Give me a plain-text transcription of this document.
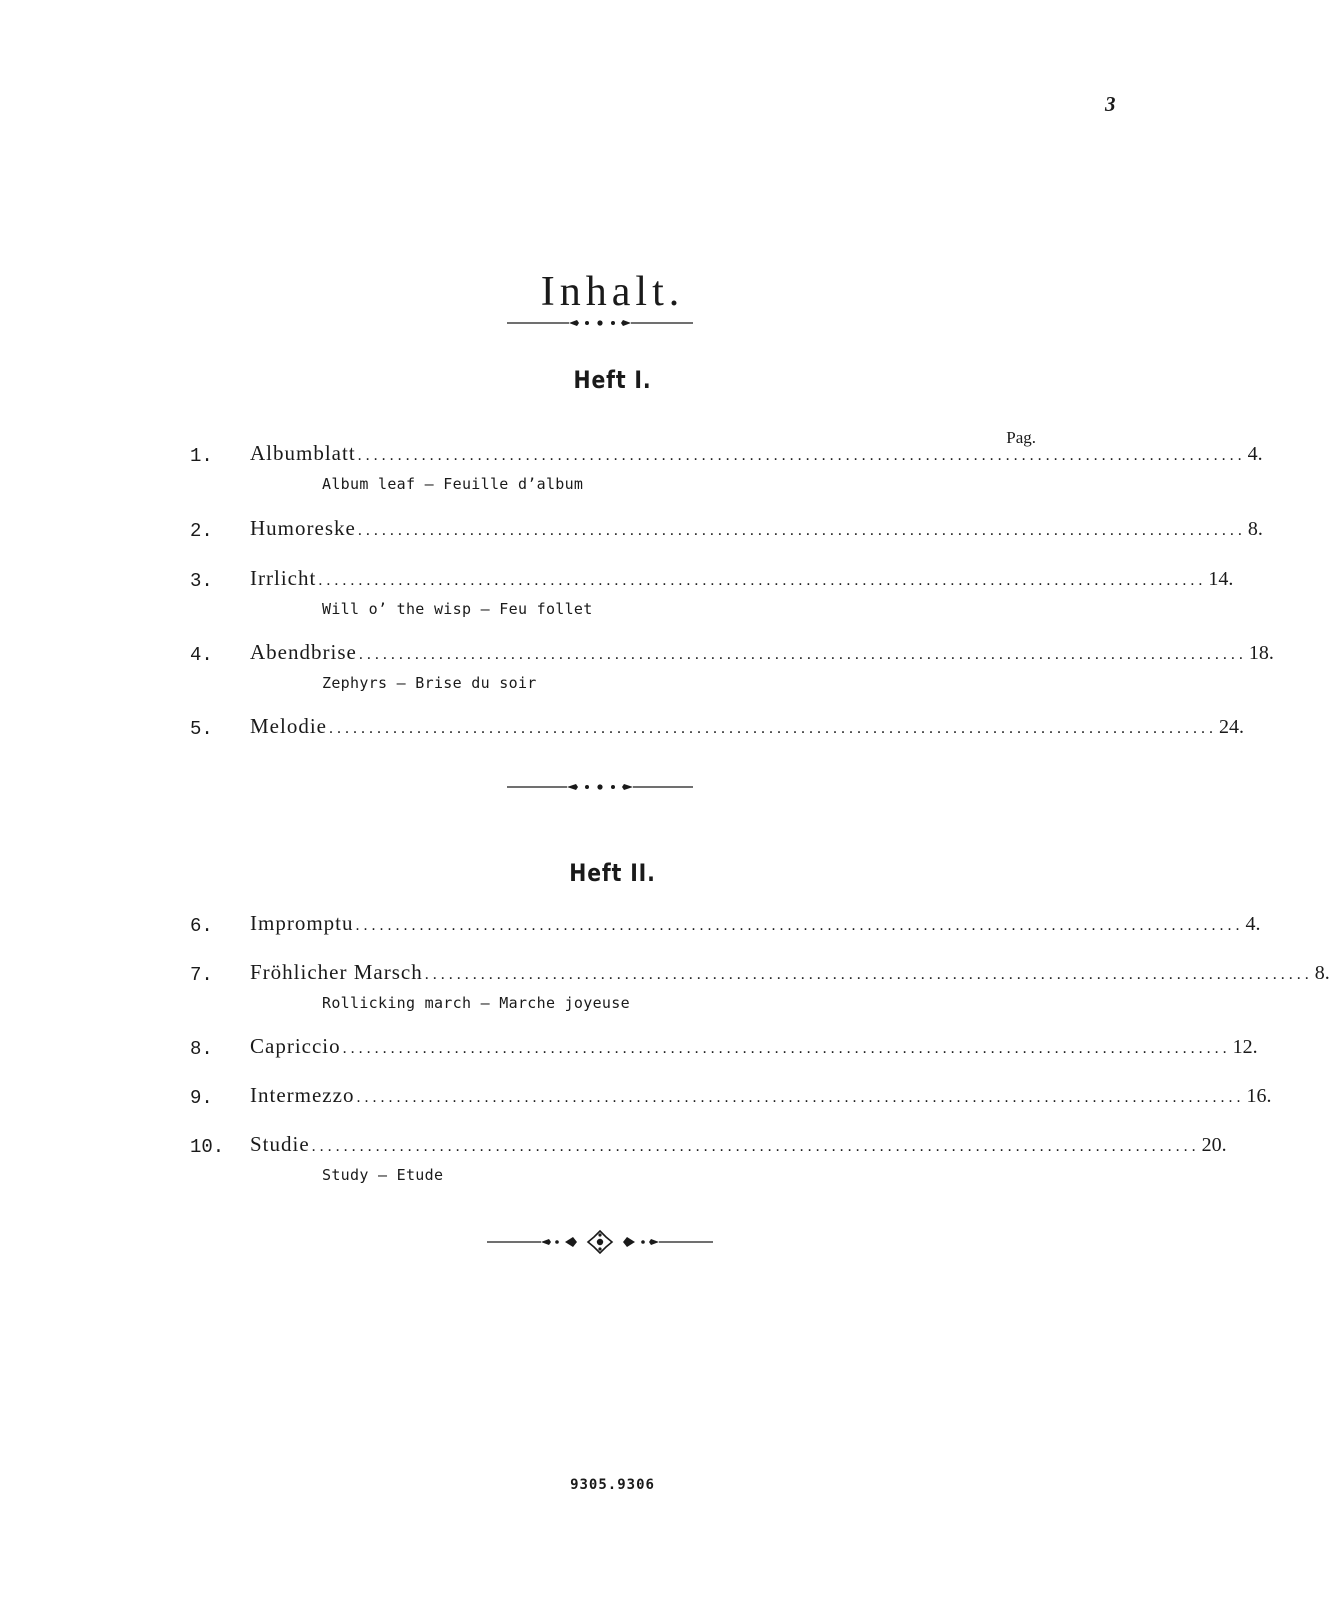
3
Inhalt.
Heft I.
Pag.
1.	Albumblatt ............................................................................................................... 4.
Album leaf — Feuille d’album
2.	Humoreske ............................................................................................................... 8.
3.	Irrlicht ............................................................................................................... 14.
Will o’ the wisp — Feu follet
4.	Abendbrise ............................................................................................................... 18.
Zephyrs — Brise du soir
5.	Melodie ............................................................................................................... 24.
Heft II.
6.	Impromptu ............................................................................................................... 4.
7.	Fröhlicher Marsch ............................................................................................................... 8.
Rollicking march — Marche joyeuse
8.	Capriccio ............................................................................................................... 12.
9.	Intermezzo ............................................................................................................... 16.
10.	Studie ............................................................................................................... 20.
Study — Etude
9305.9306
